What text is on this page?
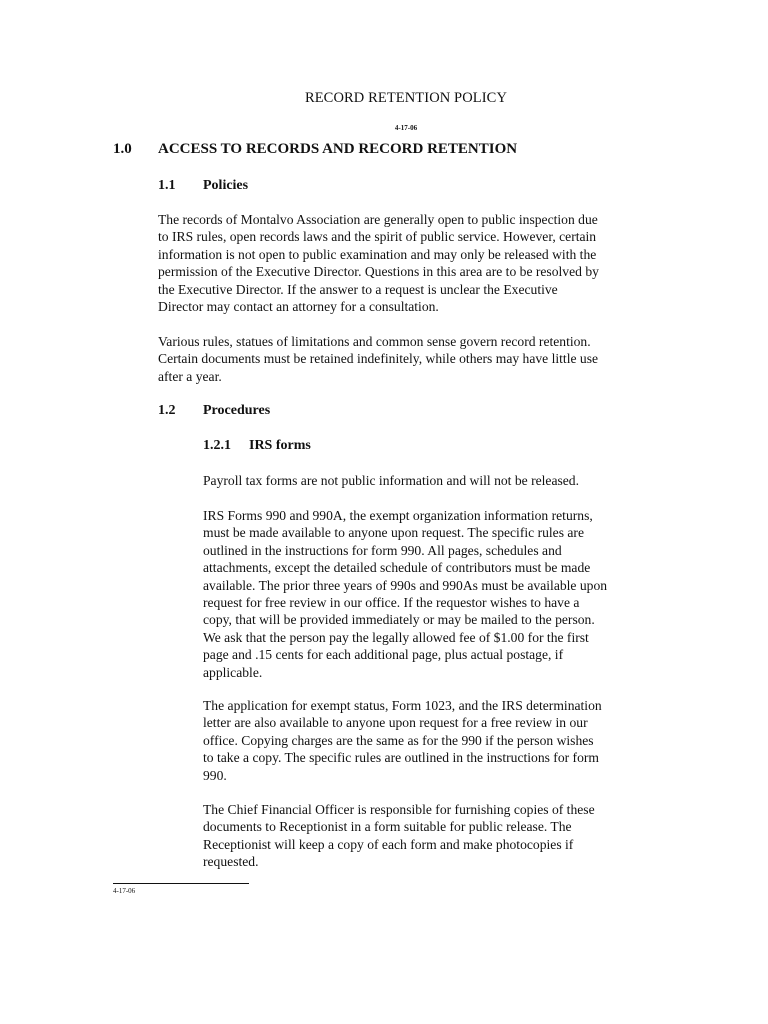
RECORD RETENTION POLICY
4-17-06
1.0 ACCESS TO RECORDS AND RECORD RETENTION
1.1 Policies
The records of Montalvo Association are generally open to public inspection due
to IRS rules, open records laws and the spirit of public service. However, certain
information is not open to public examination and may only be released with the
permission of the Executive Director. Questions in this area are to be resolved by
the Executive Director. If the answer to a request is unclear the Executive
Director may contact an attorney for a consultation.
Various rules, statues of limitations and common sense govern record retention.
Certain documents must be retained indefinitely, while others may have little use
after a year.
1.2 Procedures
1.2.1 IRS forms
Payroll tax forms are not public information and will not be released.
IRS Forms 990 and 990A, the exempt organization information returns,
must be made available to anyone upon request. The specific rules are
outlined in the instructions for form 990. All pages, schedules and
attachments, except the detailed schedule of contributors must be made
available. The prior three years of 990s and 990As must be available upon
request for free review in our office. If the requestor wishes to have a
copy, that will be provided immediately or may be mailed to the person.
We ask that the person pay the legally allowed fee of $1.00 for the first
page and .15 cents for each additional page, plus actual postage, if
applicable.
The application for exempt status, Form 1023, and the IRS determination
letter are also available to anyone upon request for a free review in our
office. Copying charges are the same as for the 990 if the person wishes
to take a copy. The specific rules are outlined in the instructions for form
990.
The Chief Financial Officer is responsible for furnishing copies of these
documents to Receptionist in a form suitable for public release. The
Receptionist will keep a copy of each form and make photocopies if
requested.
4-17-06
